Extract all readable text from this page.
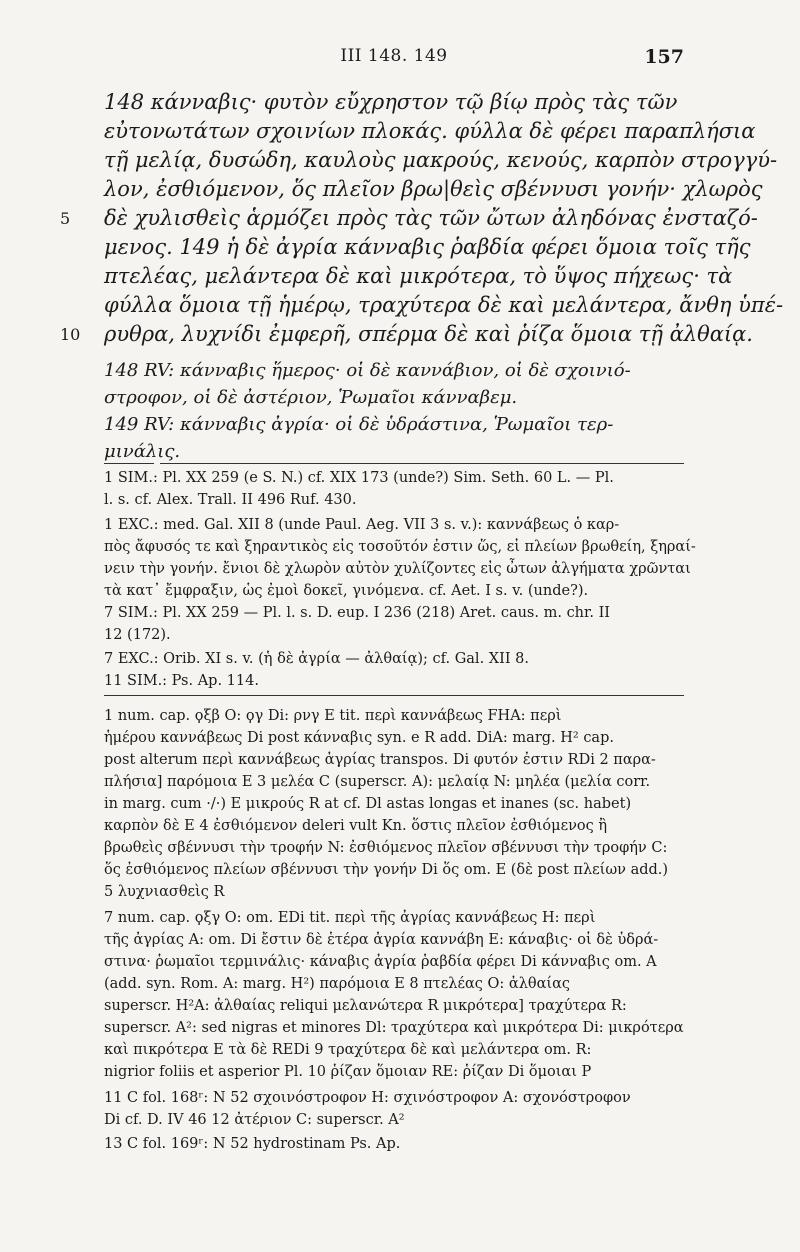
III 148. 149	157
148 κάνναβις· φυτὸν εὔχρηστον τῷ βίῳ πρὸς τὰς τῶν
εὐτονωτάτων σχοινίων πλοκάς. φύλλα δὲ φέρει παραπλήσια
τῇ μελίᾳ, δυσώδη, καυλοὺς μακρούς, κενούς, καρπὸν στρογγύ-
λον, ἐσθιόμενον, ὅς πλεῖον βρω|θεὶς σβέννυσι γονήν· χλωρὸς
5 δὲ χυλισθεὶς ἁρμόζει πρὸς τὰς τῶν ὤτων ἀληδόνας ἐνσταζό-
μενος. 149 ἡ δὲ ἀγρία κάνναβις ῥαβδία φέρει ὅμοια τοῖς τῆς
πτελέας, μελάντερα δὲ καὶ μικρότερα, τὸ ὕψος πήχεως· τὰ
φύλλα ὅμοια τῇ ἡμέρῳ, τραχύτερα δὲ καὶ μελάντερα, ἄνθη ὑπέ-
10 ρυθρα, λυχνίδι ἐμφερῆ, σπέρμα δὲ καὶ ῥίζα ὅμοια τῇ ἀλθαίᾳ.
148 RV: κάνναβις ἥμερος· οἱ δὲ καννάβιον, οἱ δὲ σχοινιό-
στροφον, οἱ δὲ ἀστέριον, Ῥωμαῖοι κάνναβεμ.
149 RV: κάνναβις ἀγρία· οἱ δὲ ὑδράστινα, Ῥωμαῖοι τερ-
μινάλις.
1 SIM.: Pl. XX 259 (e S. N.) cf. XIX 173 (unde?) Sim. Seth. 60 L. — Pl.
l. s. cf. Alex. Trall. II 496 Ruf. 430.
1 EXC.: med. Gal. XII 8 (unde Paul. Aeg. VII 3 s. v.): καννάβεως ὁ καρ-
πὸς ἄφυσός τε καὶ ξηραντικὸς εἰς τοσοῦτόν ἐστιν ὥς, εἰ πλείων βρωθείη, ξηραί-
νειν τὴν γονήν. ἔνιοι δὲ χλωρὸν αὐτὸν χυλίζοντες εἰς ὦτων ἀλγήματα χρῶνται
τὰ κατ᾽ ἔμφραξιν, ὡς ἐμοὶ δοκεῖ, γινόμενα. cf. Aet. I s. v. (unde?).
7 SIM.: Pl. XX 259 — Pl. l. s. D. eup. I 236 (218) Aret. caus. m. chr. II
12 (172).
7 EXC.: Orib. XI s. v. (ἡ δὲ ἀγρία — ἀλθαίᾳ); cf. Gal. XII 8.
11 SIM.: Ps. Ap. 114.
1 num. cap. ϙξβ O: ϙγ Di: ρνγ E tit. περὶ καννάβεως FHA: περὶ
ἡμέρου καννάβεως Di post κάνναβις syn. e R add. DiA: marg. H² cap.
post alterum περὶ καννάβεως ἀγρίας transpos. Di φυτόν ἐστιν RDi 2 παρα-
πλήσια] παρόμοια E 3 μελέα C (superscr. A): μελαίᾳ N: μηλέα (μελία corr.
in marg. cum ·/·) E μικρούς R at cf. Dl astas longas et inanes (sc. habet)
καρπὸν δὲ E 4 ἐσθιόμενον deleri vult Kn. ὅστις πλεῖον ἐσθιόμενος ἢ
βρωθεὶς σβέννυσι τὴν τροφήν N: ἐσθιόμενος πλεῖον σβέννυσι τὴν τροφήν C:
ὅς ἐσθιόμενος πλείων σβέννυσι τὴν γονήν Di ὅς om. E (δὲ post πλείων add.)
5 λυχνιασθεὶς R
7 num. cap. ϙξγ O: om. EDi tit. περὶ τῆς ἀγρίας καννάβεως H: περὶ
τῆς ἀγρίας A: om. Di ἔστιν δὲ ἑτέρα ἀγρία καννάβη E: κάναβις· οἱ δὲ ὑδρά-
στινα· ῥωμαῖοι τερμινάλις· κάναβις ἀγρία ῥαβδία φέρει Di κάνναβις om. A
(add. syn. Rom. A: marg. H²) παρόμοια E 8 πτελέας O: ἀλθαίας
superscr. H²A: ἀλθαίας reliqui μελανώτερα R μικρότερα] τραχύτερα R:
superscr. A²: sed nigras et minores Dl: τραχύτερα καὶ μικρότερα Di: μικρότερα
καὶ πικρότερα E τὰ δὲ REDi 9 τραχύτερα δὲ καὶ μελάντερα om. R:
nigrior foliis et asperior Pl. 10 ῥίζαν ὅμοιαν RE: ῥίζαν Di ὅμοιαι P
11 C fol. 168ʳ: N 52 σχοινόστροφον H: σχινόστροφον A: σχονόστροφον
Di cf. D. IV 46 12 ἀτέριον C: superscr. A²
13 C fol. 169ʳ: N 52 hydrostinam Ps. Ap.
